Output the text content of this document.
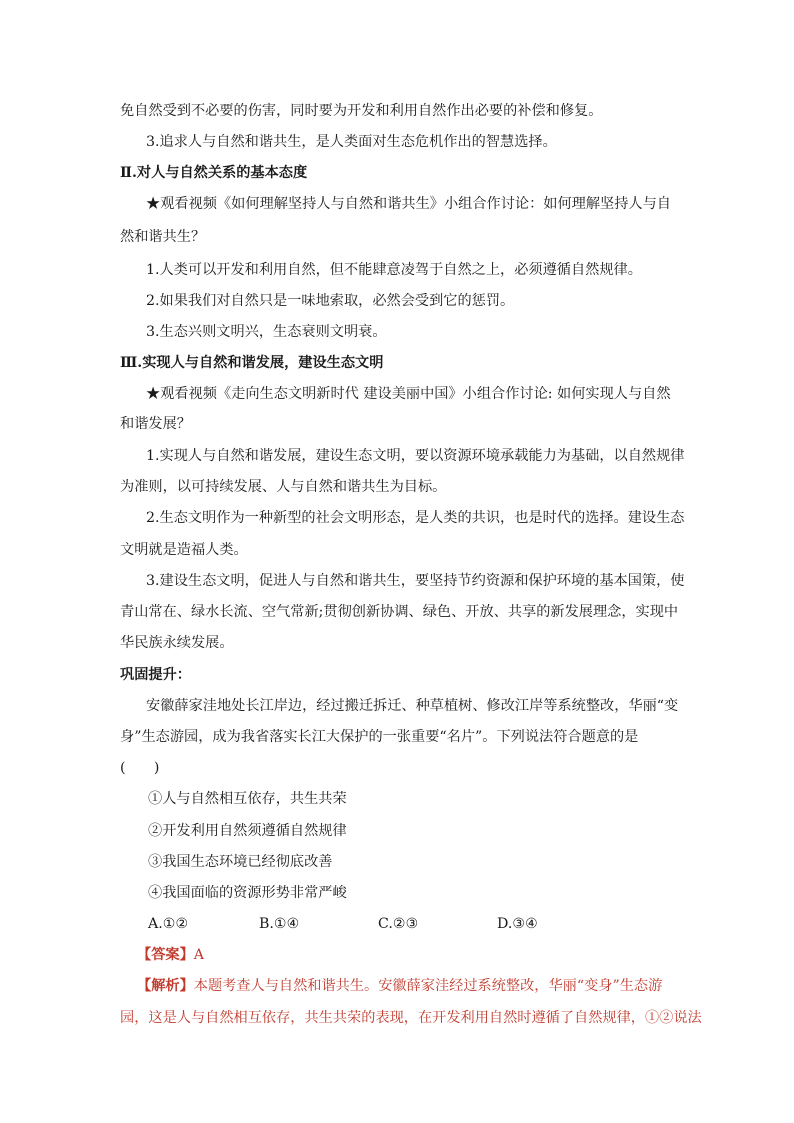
免自然受到不必要的伤害，同时要为开发和利用自然作出必要的补偿和修复。
3.追求人与自然和谐共生，是人类面对生态危机作出的智慧选择。
Ⅱ.对人与自然关系的基本态度
★观看视频《如何理解坚持人与自然和谐共生》小组合作讨论：如何理解坚持人与自
然和谐共生？
1.人类可以开发和利用自然，但不能肆意凌驾于自然之上，必须遵循自然规律。
2.如果我们对自然只是一味地索取，必然会受到它的惩罚。
3.生态兴则文明兴，生态衰则文明衰。
Ⅲ.实现人与自然和谐发展，建设生态文明
★观看视频《走向生态文明新时代 建设美丽中国》小组合作讨论: 如何实现人与自然
和谐发展？
1.实现人与自然和谐发展，建设生态文明，要以资源环境承载能力为基础，以自然规律
为准则，以可持续发展、人与自然和谐共生为目标。
2.生态文明作为一种新型的社会文明形态，是人类的共识，也是时代的选择。建设生态
文明就是造福人类。
3.建设生态文明，促进人与自然和谐共生，要坚持节约资源和保护环境的基本国策，使
青山常在、绿水长流、空气常新;贯彻创新协调、绿色、开放、共享的新发展理念，实现中
华民族永续发展。
巩固提升：
安徽薛家洼地处长江岸边，经过搬迁拆迁、种草植树、修改江岸等系统整改，华丽“变
身”生态游园，成为我省落实长江大保护的一张重要“名片”。下列说法符合题意的是
(　　)
①人与自然相互依存，共生共荣
②开发利用自然须遵循自然规律
③我国生态环境已经彻底改善
④我国面临的资源形势非常严峻
A.①②	B.①④	C.②③	D.③④
【答案】A
【解析】本题考查人与自然和谐共生。安徽薛家洼经过系统整改，华丽“变身”生态游
园，这是人与自然相互依存，共生共荣的表现，在开发利用自然时遵循了自然规律，①②说法
